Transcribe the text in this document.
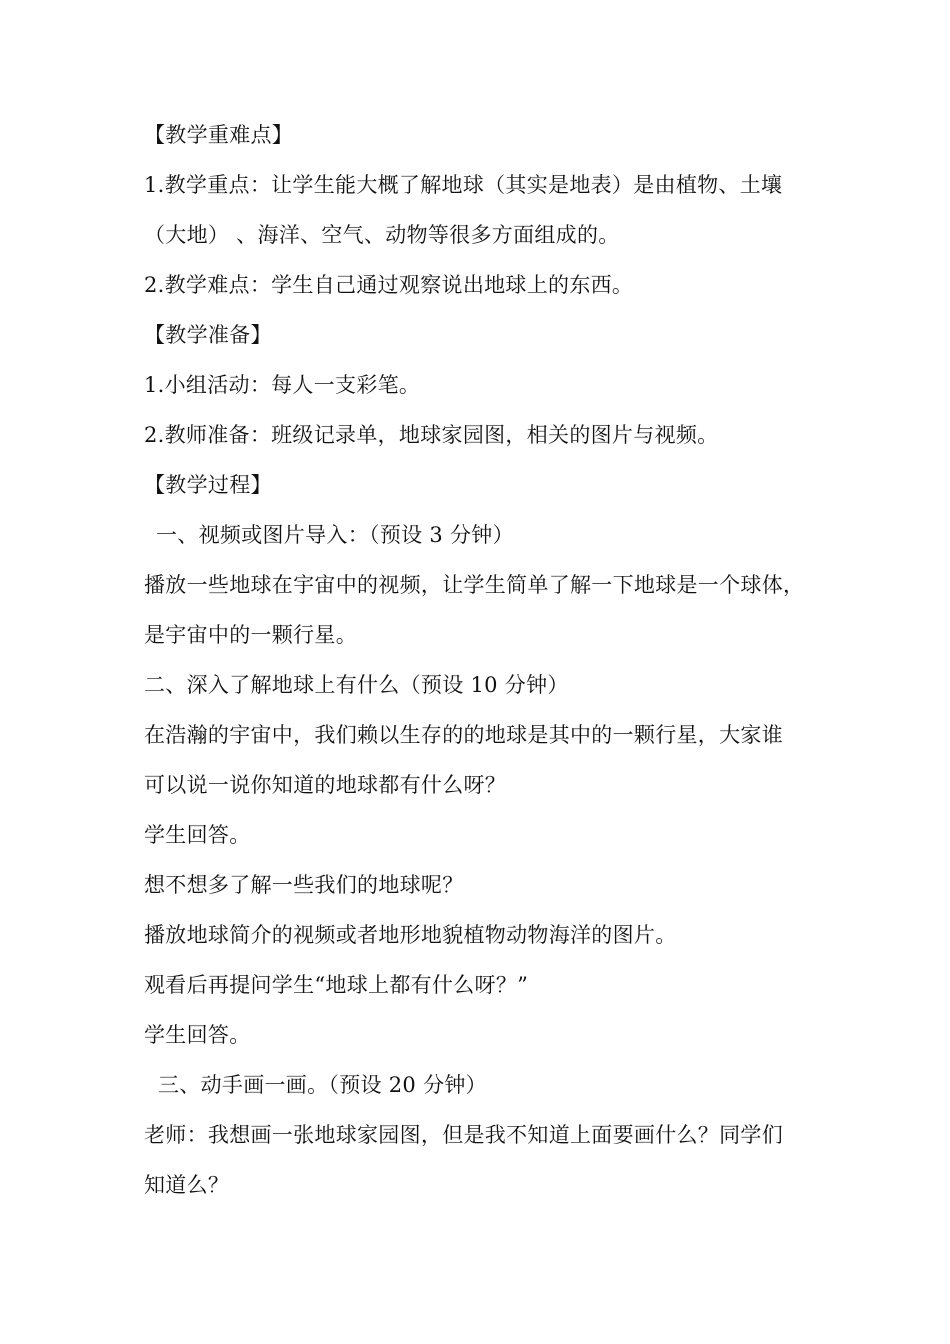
【教学重难点】
1.教学重点：让学生能大概了解地球（其实是地表）是由植物、土壤
（大地） 、海洋、空气、动物等很多方面组成的。
2.教学难点：学生自己通过观察说出地球上的东西。
【教学准备】
1.小组活动：每人一支彩笔。
2.教师准备：班级记录单，地球家园图，相关的图片与视频。
【教学过程】
一、视频或图片导入：（预设 3 分钟）
播放一些地球在宇宙中的视频，让学生简单了解一下地球是一个球体，
是宇宙中的一颗行星。
二、深入了解地球上有什么（预设 10 分钟）
在浩瀚的宇宙中，我们赖以生存的的地球是其中的一颗行星，大家谁
可以说一说你知道的地球都有什么呀？
学生回答。
想不想多了解一些我们的地球呢？
播放地球简介的视频或者地形地貌植物动物海洋的图片。
观看后再提问学生“地球上都有什么呀？”
学生回答。
三、动手画一画。（预设 20 分钟）
老师：我想画一张地球家园图，但是我不知道上面要画什么？同学们
知道么？
